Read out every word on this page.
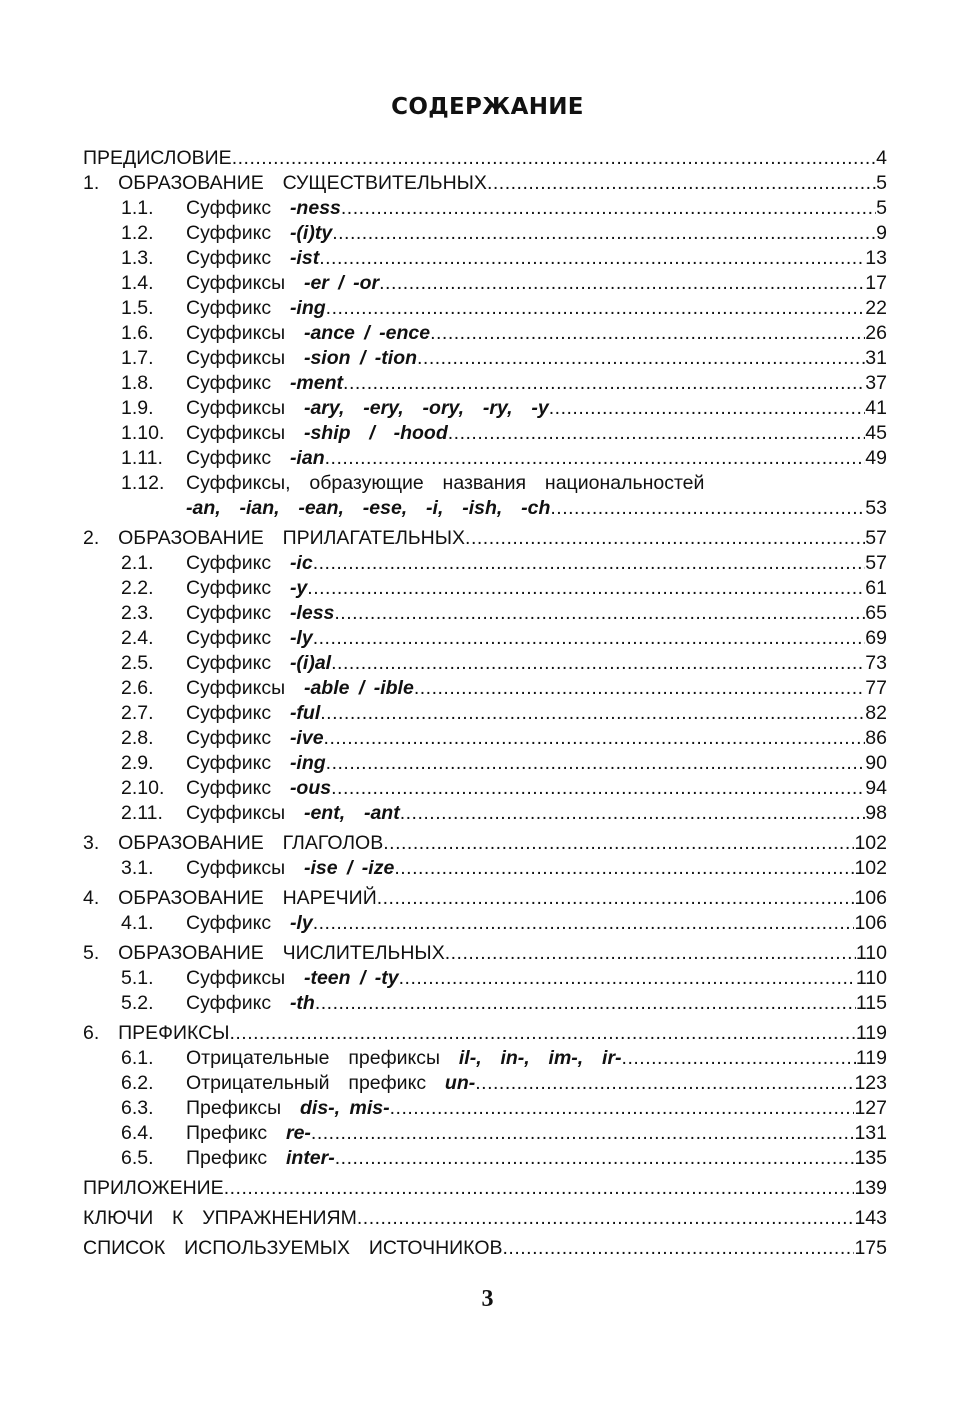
СОДЕРЖАНИЕ
ПРЕДИСЛОВИЕ .....	4
1.  ОБРАЗОВАНИЕ  СУЩЕСТВИТЕЛЬНЫХ .....	5
1.1.	Суффикс -ness .....	5
1.2.	Суффикс -(i)ty .....	9
1.3.	Суффикс -ist .....	13
1.4.	Суффиксы -er / -or .....	17
1.5.	Суффикс -ing .....	22
1.6.	Суффиксы -ance / -ence .....	26
1.7.	Суффиксы -sion / -tion .....	31
1.8.	Суффикс -ment .....	37
1.9.	Суффиксы -ary,  -ery,  -ory,  -ry,  -y .....	41
1.10.	Суффиксы -ship  /  -hood .....	45
1.11.	Суффикс -ian .....	49
1.12.	Суффиксы,  образующие  названия  национальностей
-an,  -ian,  -ean,  -ese,  -i,  -ish,  -ch .....	53
2.  ОБРАЗОВАНИЕ  ПРИЛАГАТЕЛЬНЫХ .....	57
2.1.	Суффикс -ic .....	57
2.2.	Суффикс -y .....	61
2.3.	Суффикс -less .....	65
2.4.	Суффикс -ly .....	69
2.5.	Суффикс -(i)al .....	73
2.6.	Суффиксы -able / -ible .....	77
2.7.	Суффикс -ful .....	82
2.8.	Суффикс -ive .....	86
2.9.	Суффикс -ing .....	90
2.10.	Суффикс -ous .....	94
2.11.	Суффиксы -ent,  -ant .....	98
3.  ОБРАЗОВАНИЕ  ГЛАГОЛОВ .....	102
3.1.	Суффиксы -ise / -ize .....	102
4.  ОБРАЗОВАНИЕ  НАРЕЧИЙ .....	106
4.1.	Суффикс -ly .....	106
5.  ОБРАЗОВАНИЕ  ЧИСЛИТЕЛЬНЫХ .....	110
5.1.	Суффиксы -teen / -ty .....	110
5.2.	Суффикс -th .....	115
6.  ПРЕФИКСЫ .....	119
6.1.	Отрицательные  префиксы il-,  in-,  im-,  ir- .....	119
6.2.	Отрицательный  префикс un- .....	123
6.3.	Префиксы dis-, mis- .....	127
6.4.	Префикс re- .....	131
6.5.	Префикс inter- .....	135
ПРИЛОЖЕНИЕ .....	139
КЛЮЧИ  К  УПРАЖНЕНИЯМ .....	143
СПИСОК  ИСПОЛЬЗУЕМЫХ  ИСТОЧНИКОВ .....	175
3
